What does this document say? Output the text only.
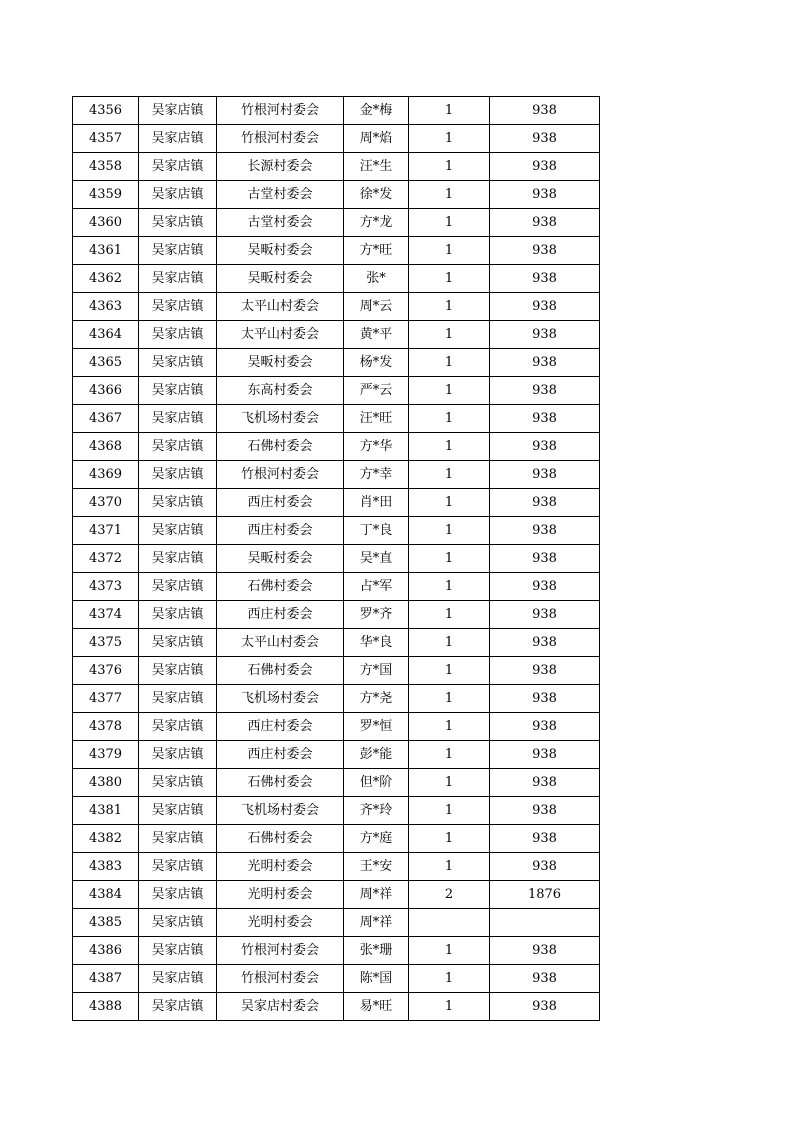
4356	吴家店镇	竹根河村委会	金*梅	1	938
4357	吴家店镇	竹根河村委会	周*焰	1	938
4358	吴家店镇	长源村委会	汪*生	1	938
4359	吴家店镇	古堂村委会	徐*发	1	938
4360	吴家店镇	古堂村委会	方*龙	1	938
4361	吴家店镇	吴畈村委会	方*旺	1	938
4362	吴家店镇	吴畈村委会	张*	1	938
4363	吴家店镇	太平山村委会	周*云	1	938
4364	吴家店镇	太平山村委会	黄*平	1	938
4365	吴家店镇	吴畈村委会	杨*发	1	938
4366	吴家店镇	东高村委会	严*云	1	938
4367	吴家店镇	飞机场村委会	汪*旺	1	938
4368	吴家店镇	石佛村委会	方*华	1	938
4369	吴家店镇	竹根河村委会	方*幸	1	938
4370	吴家店镇	西庄村委会	肖*田	1	938
4371	吴家店镇	西庄村委会	丁*良	1	938
4372	吴家店镇	吴畈村委会	吴*直	1	938
4373	吴家店镇	石佛村委会	占*军	1	938
4374	吴家店镇	西庄村委会	罗*齐	1	938
4375	吴家店镇	太平山村委会	华*良	1	938
4376	吴家店镇	石佛村委会	方*国	1	938
4377	吴家店镇	飞机场村委会	方*尧	1	938
4378	吴家店镇	西庄村委会	罗*恒	1	938
4379	吴家店镇	西庄村委会	彭*能	1	938
4380	吴家店镇	石佛村委会	但*阶	1	938
4381	吴家店镇	飞机场村委会	齐*玲	1	938
4382	吴家店镇	石佛村委会	方*庭	1	938
4383	吴家店镇	光明村委会	王*安	1	938
4384	吴家店镇	光明村委会	周*祥	2	1876
4385	吴家店镇	光明村委会	周*祥		
4386	吴家店镇	竹根河村委会	张*珊	1	938
4387	吴家店镇	竹根河村委会	陈*国	1	938
4388	吴家店镇	吴家店村委会	易*旺	1	938
